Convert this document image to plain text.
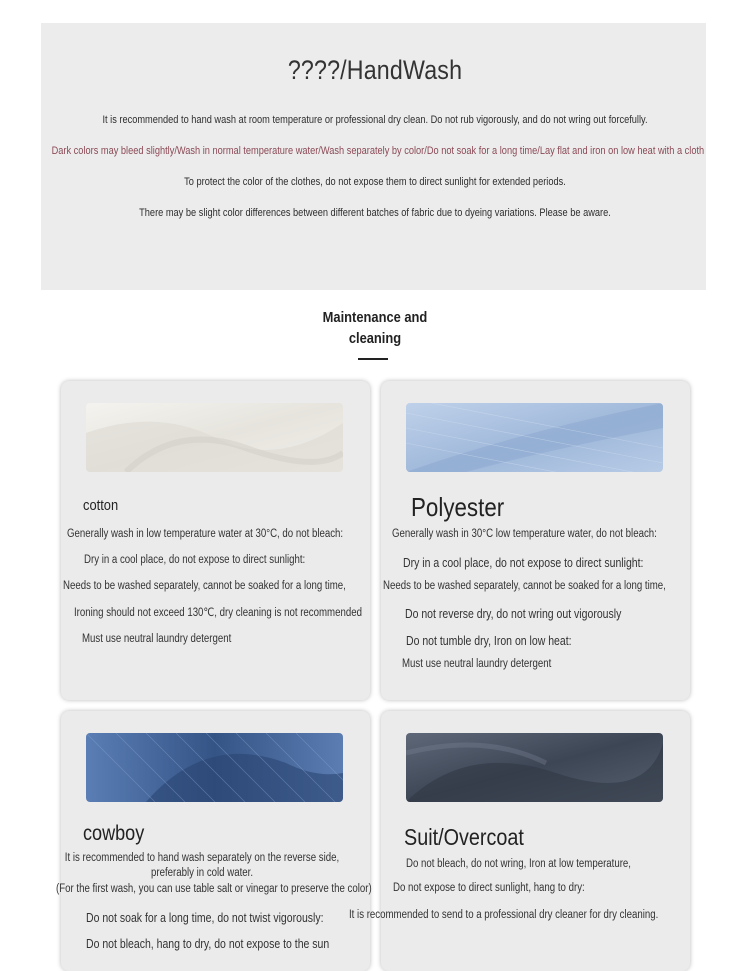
????/HandWash
It is recommended to hand wash at room temperature or professional dry clean. Do not rub vigorously, and do not wring out forcefully.
Dark colors may bleed slightly/Wash in normal temperature water/Wash separately by color/Do not soak for a long time/Lay flat and iron on low heat with a cloth
To protect the color of the clothes, do not expose them to direct sunlight for extended periods.
There may be slight color differences between different batches of fabric due to dyeing variations. Please be aware.
Maintenance and
cleaning
cotton
Generally wash in low temperature water at 30°C, do not bleach:
Dry in a cool place, do not expose to direct sunlight:
Needs to be washed separately, cannot be soaked for a long time,
Ironing should not exceed 130℃, dry cleaning is not recommended
Must use neutral laundry detergent
Polyester
Generally wash in 30°C low temperature water, do not bleach:
Dry in a cool place, do not expose to direct sunlight:
Needs to be washed separately, cannot be soaked for a long time,
Do not reverse dry, do not wring out vigorously
Do not tumble dry, Iron on low heat:
Must use neutral laundry detergent
cowboy
It is recommended to hand wash separately on the reverse side, preferably in cold water.
(For the first wash, you can use table salt or vinegar to preserve the color)
Do not soak for a long time, do not twist vigorously:
Do not bleach, hang to dry, do not expose to the sun
Suit/Overcoat
Do not bleach, do not wring, Iron at low temperature,
Do not expose to direct sunlight, hang to dry:
It is recommended to send to a professional dry cleaner for dry cleaning.
